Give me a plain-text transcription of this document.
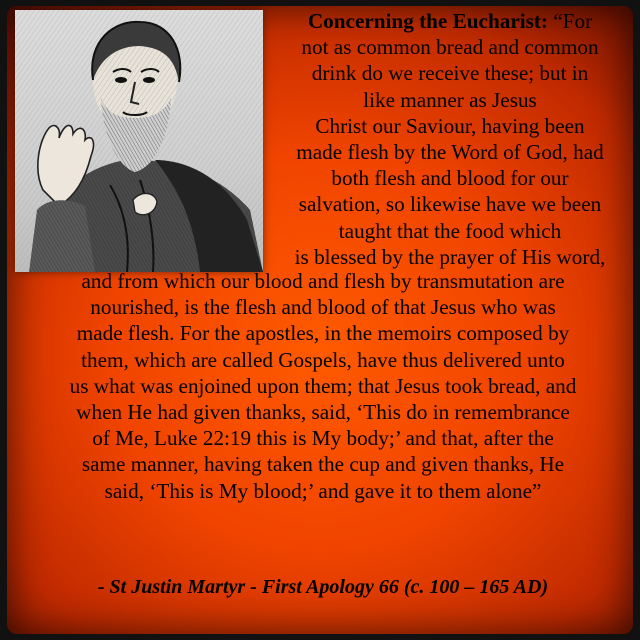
Concerning the Eucharist: “For
not as common bread and common
drink do we receive these; but in
like manner as Jesus
Christ our Saviour, having been
made flesh by the Word of God, had
both flesh and blood for our
salvation, so likewise have we been
taught that the food which
is blessed by the prayer of His word,
and from which our blood and flesh by transmutation are
nourished, is the flesh and blood of that Jesus who was
made flesh. For the apostles, in the memoirs composed by
them, which are called Gospels, have thus delivered unto
us what was enjoined upon them; that Jesus took bread, and
when He had given thanks, said, ‘This do in remembrance
of Me, Luke 22:19 this is My body;’ and that, after the
same manner, having taken the cup and given thanks, He
said, ‘This is My blood;’ and gave it to them alone”
- St Justin Martyr - First Apology 66 (c. 100 – 165 AD)
